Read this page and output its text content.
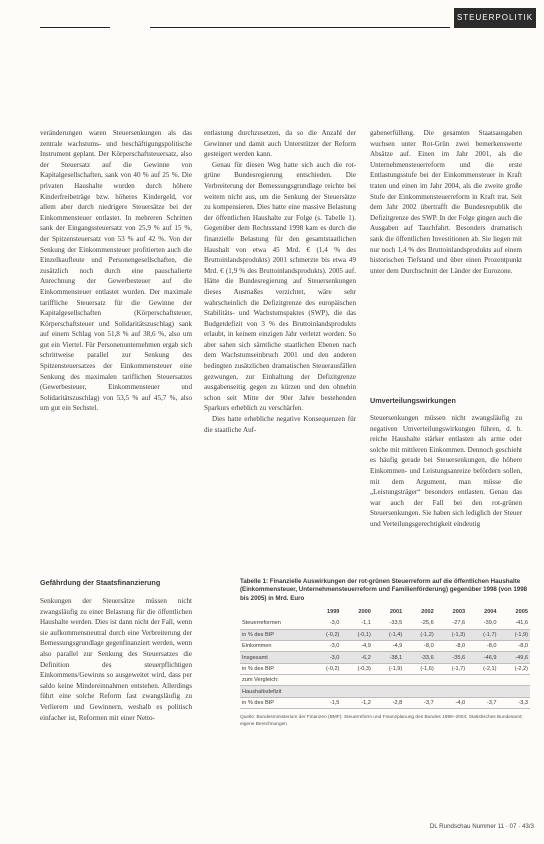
STEUERPOLITIK

veränderungen waren Steuersenkungen als das zentrale wachstums- und beschäftigungspolitische Instrument geplant. Der Körperschaftsteuersatz, also der Steuersatz auf die Gewinne von Kapitalgesellschaften, sank von 40 % auf 25 %. Die privaten Haushalte wurden durch höhere Kinderfreibeträge bzw. höheres Kindergeld, vor allem aber durch niedrigere Steuersätze bei der Einkommensteuer entlastet. In mehreren Schritten sank der Eingangssteuersatz von 25,9 % auf 15 %, der Spitzensteuersatz von 53 % auf 42 %. Von der Senkung der Einkommensteuer profitierten auch die Einzelkaufleute und Personengesellschaften, die zusätzlich noch durch eine pauschalierte Anrechnung der Gewerbesteuer auf die Einkommensteuer entlastet wurden. Der maximale tariffliche Steuersatz für die Gewinne der Kapitalgesellschaften (Körperschaftsteuer, Körperschaftsteuer und Solidaritätszuschlag) sank auf einem Schlag von 51,8 % auf 38,6 %, also um gut ein Viertel. Für Personenunternehmen ergab sich schrittweise parallel zur Senkung des Spitzensteuersatzes der Einkommensteuer eine Senkung des maximalen tariflichen Steuersatzes (Gewerbesteuer, Einkommensteuer und Solidaritätszuschlag) von 53,5 % auf 45,7 %, also um gut ein Sechstel.

Gefährdung der Staatsfinanzierung

Senkungen der Steuersätze müssen nicht zwangsläufig zu einer Belastung für die öffentlichen Haushalte werden. Dies ist dann nicht der Fall, wenn sie aufkommensneutral durch eine Verbreiterung der Bemessungsgrundlage gegenfinanziert werden, wenn also parallel zur Senkung des Steuersatzes die Definition des steuerpflichtigen Einkommens/Gewinns so ausgeweitet wird, dass per saldo keine Mindereinnahmen entstehen. Allerdings führt eine solche Reform fast zwangsläufig zu Verlierern und Gewinnern, weshalb es politisch einfacher ist, Reformen mit einer Netto-

entlastung durchzusetzen, da so die Anzahl der Gewinner und damit auch Unterstützer der Reform gesteigert werden kann.

Genau für diesen Weg hatte sich auch die rot-grüne Bundesregierung entschieden. Die Verbreiterung der Bemessungsgrundlage reichte bei weitem nicht aus, um die Senkung der Steuersätze zu kompensieren. Dies hatte eine massive Belastung der öffentlichen Haushalte zur Folge (s. Tabelle 1). Gegenüber dem Rechtsstand 1998 kam es durch die finanzielle Belastung für den gesamtstaatlichen Haushalt von etwa 45 Mrd. € (1,4 % des Bruttoinlandsprodukts) 2001 schmerzte bis etwa 49 Mrd. € (1,9 % des Bruttoinlandsprodukts). 2005 auf. Hätte die Bundesregierung auf Steuersenkungen dieses Ausmaßes verzichtet, wäre sehr wahrscheinlich die Defizitgrenze des europäischen Stabilitäts- und Wachstumspaktes (SWP), die das Budgetdefizit von 3 % des Bruttoinlandsprodukts erlaubt, in keinem einzigen Jahr verletzt worden. So aber sahen sich sämtliche staatlichen Ebenen nach dem Wachstumseinbruch 2001 und den anderen bedingten zusätzlichen dramatischen Steuerausfällen gezwungen, zur Einhaltung der Defizitgrenze ausgabenseitig gegen zu kürzen und den ohnehin schon seit Mitte der 90er Jahre bestehenden Sparkurs erheblich zu verschärfen.

Dies hatte erhebliche negative Konsequenzen für die staatliche Auf-

gabenerfüllung. Die gesamten Staatsausgaben wuchsen unter Rot-Grün zwei bemerkenswerte Absätze auf. Einen im Jahr 2001, als die Unternehmensteuerreform und die erste Entlastungsstufe bei der Einkommensteuer in Kraft traten und einen im Jahr 2004, als die zweite große Stufe der Einkommensteuerreform in Kraft trat. Seit dem Jahr 2002 übertrafft die Bundesrepublik die Defizitgrenze des SWP. In der Folge gingen auch die Ausgaben auf Tauchfahrt. Besonders dramatisch sank die öffentlichen Investitionen ab. Sie liegen mit nur noch 1,4 % des Bruttoinlandsprodukts auf einem historischen Tiefstand und über einen Prozentpunkt unter dem Durchschnitt der Länder der Eurozone.

Umverteilungswirkungen

Steuersenkungen müssen nicht zwangsläufig zu negativen Umverteilungswirkungen führen, d. h. reiche Haushalte stärker entlasten als arme oder solche mit mittleren Einkommen. Dennoch geschieht es häufig gerade bei Steuersenkungen, die höhere Einkommen- und Leistungsanreize befördern sollen, mit dem Argument, man müsse die „Leistungsträger“ besonders entlasten. Genau das war auch der Fall bei den rot-grünen Steuersenkungen. Sie haben sich lediglich der Steuer und Verteilungsgerechtigkeit eindeutig

Tabelle 1: Finanzielle Auswirkungen der rot-grünen Steuerreform auf die öffentlichen Haushalte (Einkommensteuer, Unternehmensteuerreform und Familienförderung) gegenüber 1998 (von 1998 bis 2005) in Mrd. Euro
	1999	2000	2001	2002	2003	2004	2005
Steuerreformen	-3,0	-1,1	-33,5	-25,6	-27,6	-39,0	-41,6
in % des BIP	(-0,2)	(-0,1)	(-1,4)	(-1,2)	(-1,3)	(-1,7)	(-1,9)
Einkommen	-3,0	-4,9	-4,9	-8,0	-8,0	-8,0	-8,0
Insgesamt	-3,0	-6,2	-38,1	-33,6	-35,6	-46,9	-49,6
in % des BIP	(-0,2)	(-0,3)	(-1,9)	(-1,6)	(-1,7)	(-2,1)	(-2,2)
zum Vergleich:							
Haushaltsdefizit							
in % des BIP	-1,5	-1,2	-2,8	-3,7	-4,0	-3,7	-3,3
Quelle: Bundesministerium der Finanzen (BMF): Steuerreform und Finanzplanung des Bundes 1998–2004; Statistisches Bundesamt; eigene Berechnungen
DL Rundschau Nummer 11 · 07 · 43/3
